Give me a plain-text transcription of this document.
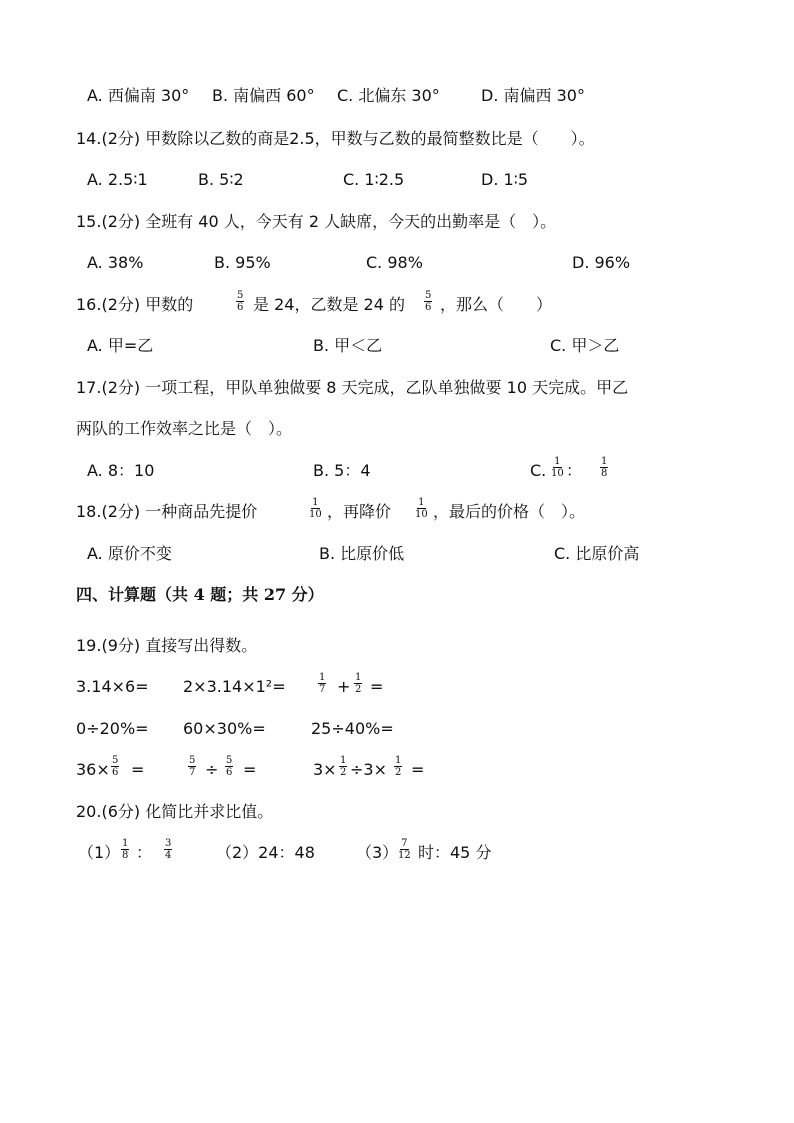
A. 西偏南 30° B. 南偏西 60° C. 北偏东 30°	D. 南偏西 30°
14.(2分) 甲数除以乙数的商是2.5，甲数与乙数的最简整数比是（　　）。
A. 2.5∶1	B. 5∶2	C. 1∶2.5	D. 1∶5
15.(2分) 全班有 40 人，今天有 2 人缺席，今天的出勤率是（　）。
A. 38%	B. 95%	C. 98%	D. 96%
16.(2分) 甲数的	$\frac{5}{6}$ 是 24，乙数是 24 的 $\frac{5}{6}$ ，那么（　　）
A. 甲=乙	B. 甲＜乙	C. 甲＞乙
17.(2分) 一项工程，甲队单独做要 8 天完成，乙队单独做要 10 天完成。甲乙
两队的工作效率之比是（　）。
A. 8：10	B. 5：4	C. $\frac{1}{10}$ ： $\frac{1}{8}$
18.(2分) 一种商品先提价	$\frac{1}{10}$ ，再降价 $\frac{1}{10}$ ，最后的价格（　）。
A. 原价不变	B. 比原价低	C. 比原价高
四、计算题（共 4 题；共 27 分）
19.(9分) 直接写出得数。
3.14×6= 2×3.14×1²=	$\frac{1}{7} + \frac{1}{2}$ =
0÷20%= 60×30%=	25÷40%=
$36\times \frac{5}{6}$ =	$\frac{5}{7} \div \frac{5}{6}$ =	$3\times \frac{1}{2} \div 3\times \frac{1}{2}$ =
20.(6分) 化简比并求比值。
$(1) \frac{1}{8}$ ： $\frac{3}{4}$	（2）24：48	（3）
$\frac{7}{12}$ 时：45 分
